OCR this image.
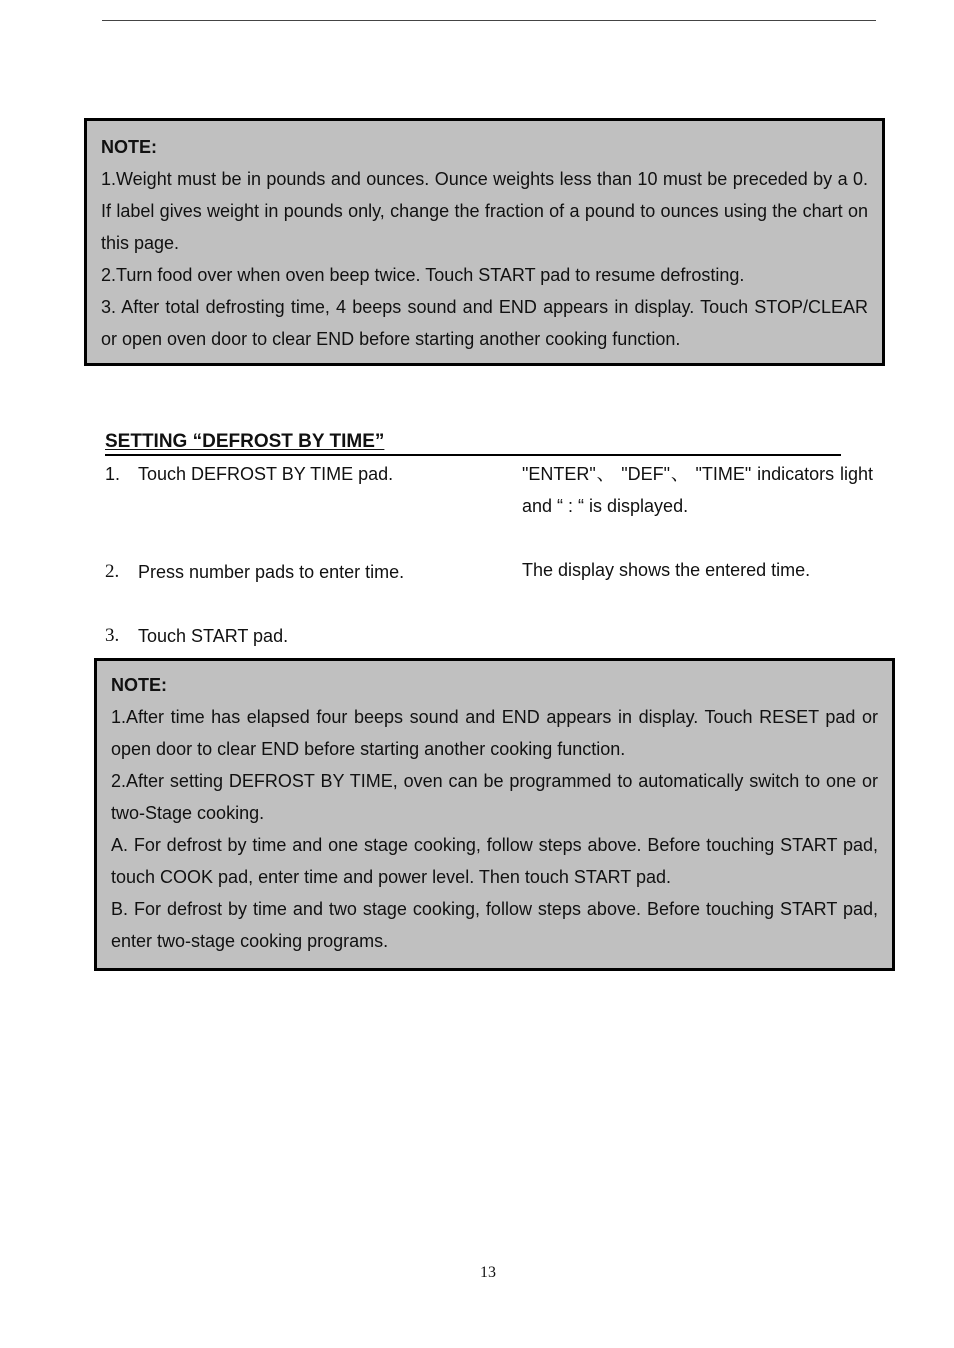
NOTE:

1.Weight must be in pounds and ounces. Ounce weights less than 10 must be preceded by a 0. If label gives weight in pounds only, change the fraction of a pound to ounces using the chart on this page.

2.Turn food over when oven beep twice. Touch START pad to resume defrosting.

3. After total defrosting time, 4 beeps sound and END appears in display. Touch STOP/CLEAR or open oven door to clear END before starting another cooking function.

SETTING “DEFROST BY TIME”
1. Touch DEFROST BY TIME pad.	"ENTER"、 "DEF"、 "TIME" indicators light and “ : “ is displayed.
2.	Press number pads to enter time.	The display shows the entered time.
3.	Touch START pad.
NOTE:

1.After time has elapsed four beeps sound and END appears in display. Touch RESET pad or open door to clear END before starting another cooking function.

2.After setting DEFROST BY TIME, oven can be programmed to automatically switch to one or two-Stage cooking.

A. For defrost by time and one stage cooking, follow steps above. Before touching START pad, touch COOK pad, enter time and power level. Then touch START pad.

B. For defrost by time and two stage cooking, follow steps above. Before touching START pad, enter two-stage cooking programs.

13
